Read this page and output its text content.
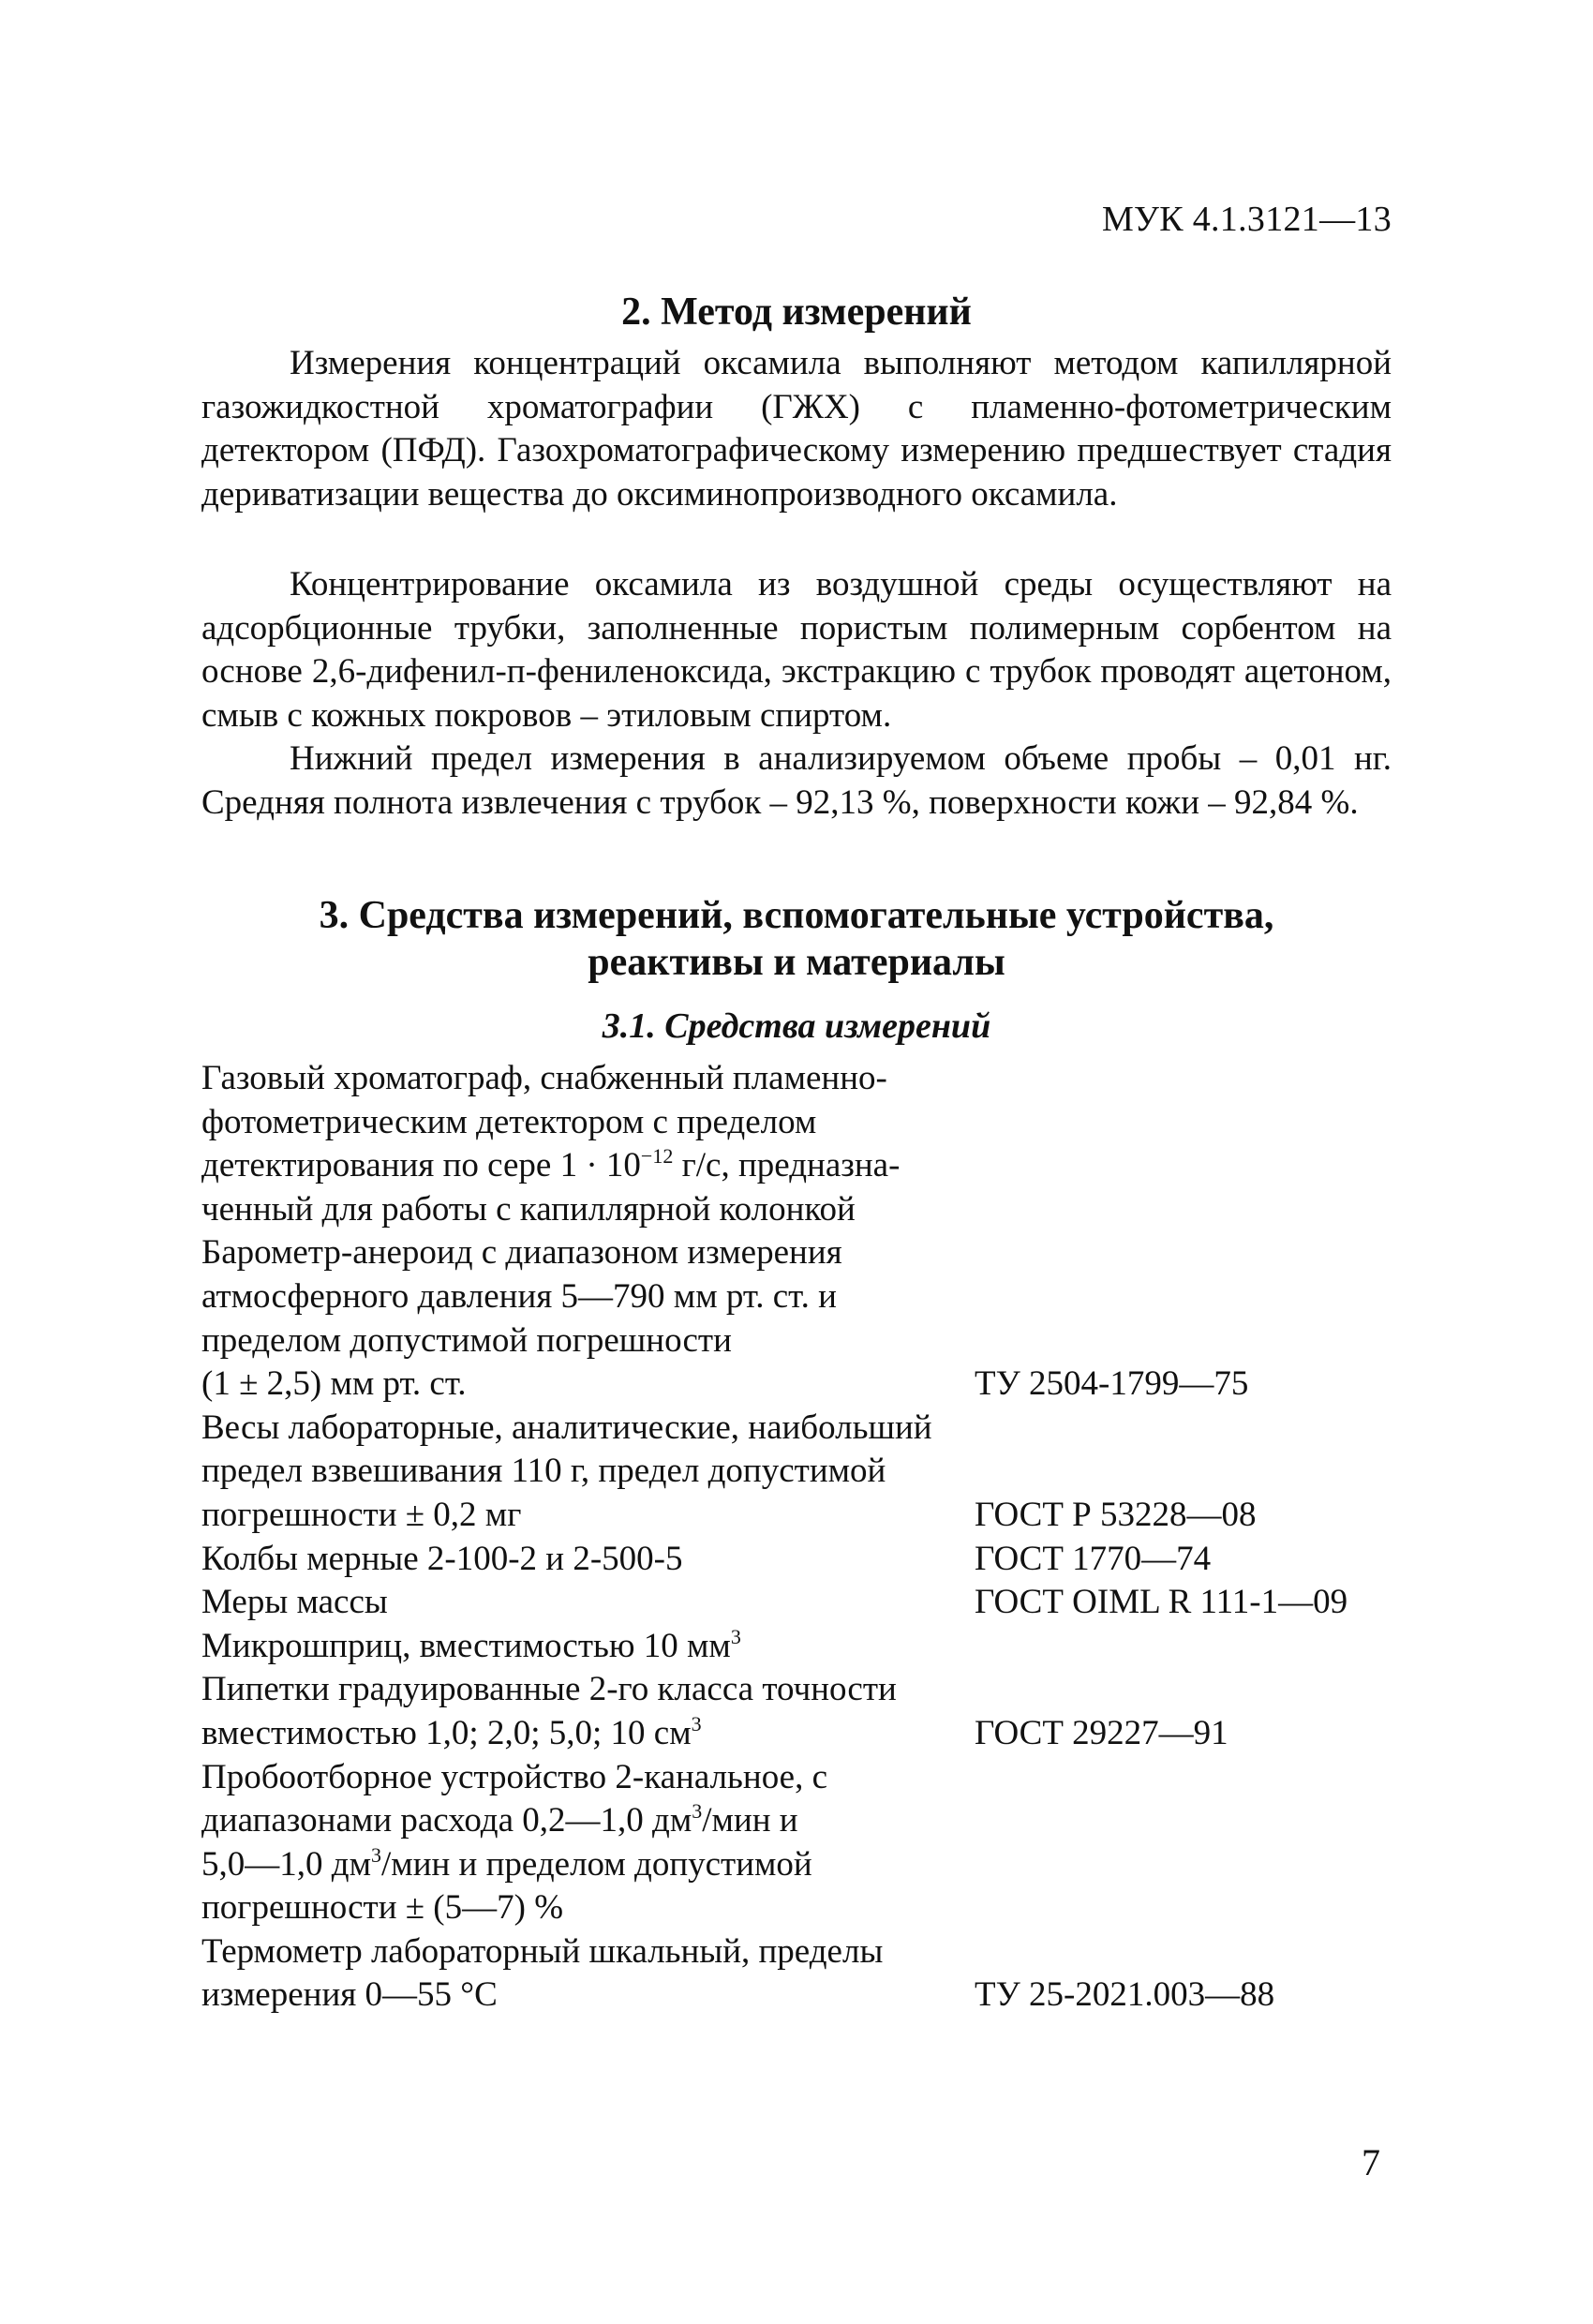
МУК 4.1.3121—13
2. Метод измерений

Измерения концентраций оксамила выполняют методом капиллярной газожидкостной хроматографии (ГЖХ) с пламенно-фотометрическим детектором (ПФД). Газохроматографическому измерению предшествует стадия дериватизации вещества до оксиминопроизводного оксамила.

Концентрирование оксамила из воздушной среды осуществляют на адсорбционные трубки, заполненные пористым полимерным сорбентом на основе 2,6-дифенил-п-фениленоксида, экстракцию с трубок проводят ацетоном, смыв с кожных покровов – этиловым спиртом.

Нижний предел измерения в анализируемом объеме пробы – 0,01 нг. Средняя полнота извлечения с трубок – 92,13 %, поверхности кожи – 92,84 %.

3. Средства измерений, вспомогательные устройства,
реактивы и материалы
3.1. Средства измерений
Газовый хроматограф, снабженный пламенно-
фотометрическим детектором с пределом
детектирования по сере $1 \cdot 10^{-12}$ г/с, предназна-
ченный для работы с капиллярной колонкой
Барометр-анероид с диапазоном измерения
атмосферного давления 5—790 мм рт. ст. и
пределом допустимой погрешности
(1 ± 2,5) мм рт. ст.	ТУ 2504-1799—75
Весы лабораторные, аналитические, наибольший
предел взвешивания 110 г, предел допустимой
погрешности ± 0,2 мг	ГОСТ Р 53228—08
Колбы мерные 2-100-2 и 2-500-5	ГОСТ 1770—74
Меры массы	ГОСТ OIML R 111-1—09
Микрошприц, вместимостью 10 $мм^3$
Пипетки градуированные 2-го класса точности
вместимостью 1,0; 2,0; 5,0; 10 $см^3$	ГОСТ 29227—91
Пробоотборное устройство 2-канальное, с
диапазонами расхода 0,2—1,0 $дм^3$/мин и
5,0—1,0 $дм^3$/мин и пределом допустимой
погрешности ± (5—7) %
Термометр лабораторный шкальный, пределы
измерения 0—55 °С	ТУ 25-2021.003—88
7
